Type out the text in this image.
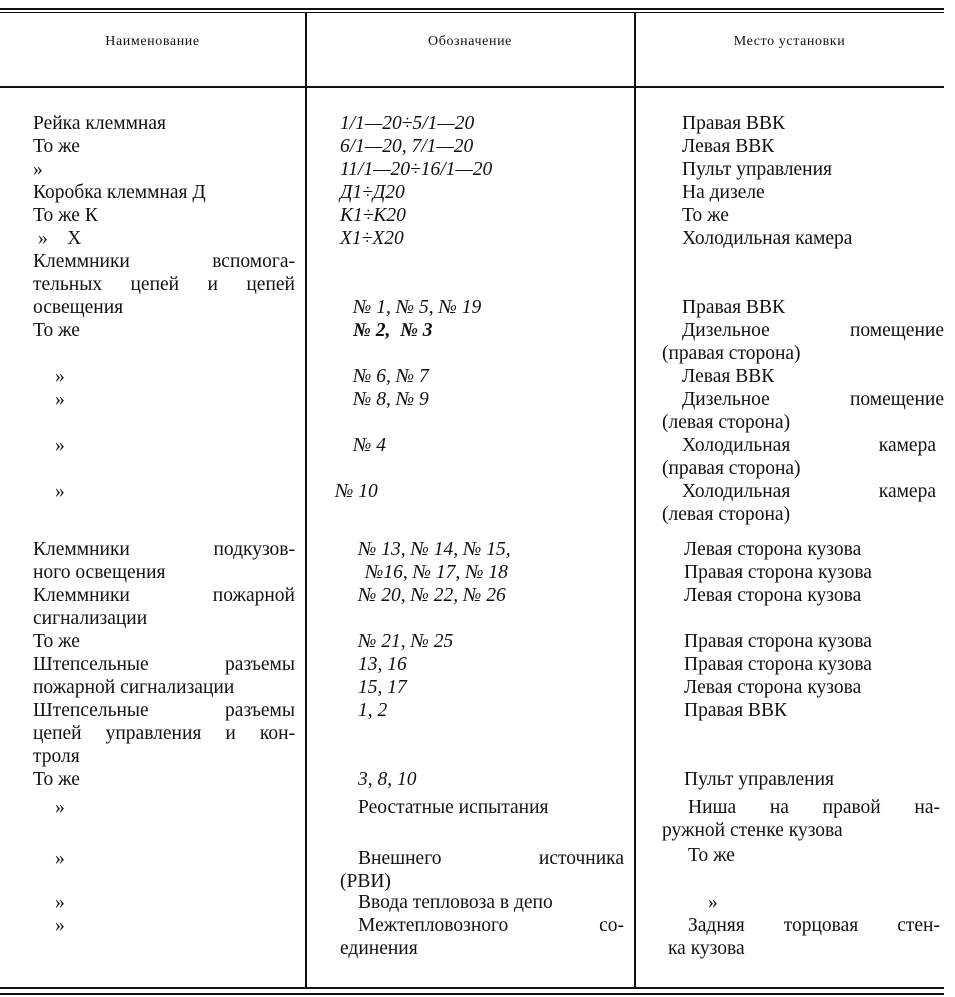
Наименование	Обозначение	Место установки
Рейка клеммная
То же
»
Коробка клеммная Д
То же К
»    Х
Клеммники вспомога-
тельных цепей и цепей
освещения
То же
»
»
»
»
Клеммники подкузов-
ного освещения
Клеммники пожарной
сигнализации
То же
Штепсельные разъемы
пожарной сигнализации
Штепсельные разъемы
цепей управления и кон-
троля
То же
»
»
»
»
1/1—20÷5/1—20
6/1—20, 7/1—20
11/1—20÷16/1—20
Д1÷Д20
К1÷К20
Х1÷Х20
№ 1, № 5, № 19
№ 2,  № 3
№ 6, № 7
№ 8, № 9
№ 4
№ 10
№ 13, № 14, № 15,
№16, № 17, № 18
№ 20, № 22, № 26
№ 21, № 25
13, 16
15, 17
1, 2
3, 8, 10
Реостатные испытания
Внешнего источника
(РВИ)
Ввода тепловоза в депо
Межтепловозного со-
единения
Правая ВВК
Левая ВВК
Пульт управления
На дизеле
То же
Холодильная камера
Правая ВВК
Дизельное помещение
(правая сторона)
Левая ВВК
Дизельное помещение
(левая сторона)
Холодильная камера
(правая сторона)
Холодильная камера
(левая сторона)
Левая сторона кузова
Правая сторона кузова
Левая сторона кузова
Правая сторона кузова
Правая сторона кузова
Левая сторона кузова
Правая ВВК
Пульт управления
Ниша на правой на-
ружной стенке кузова
То же
»
Задняя торцовая стен-
ка кузова
